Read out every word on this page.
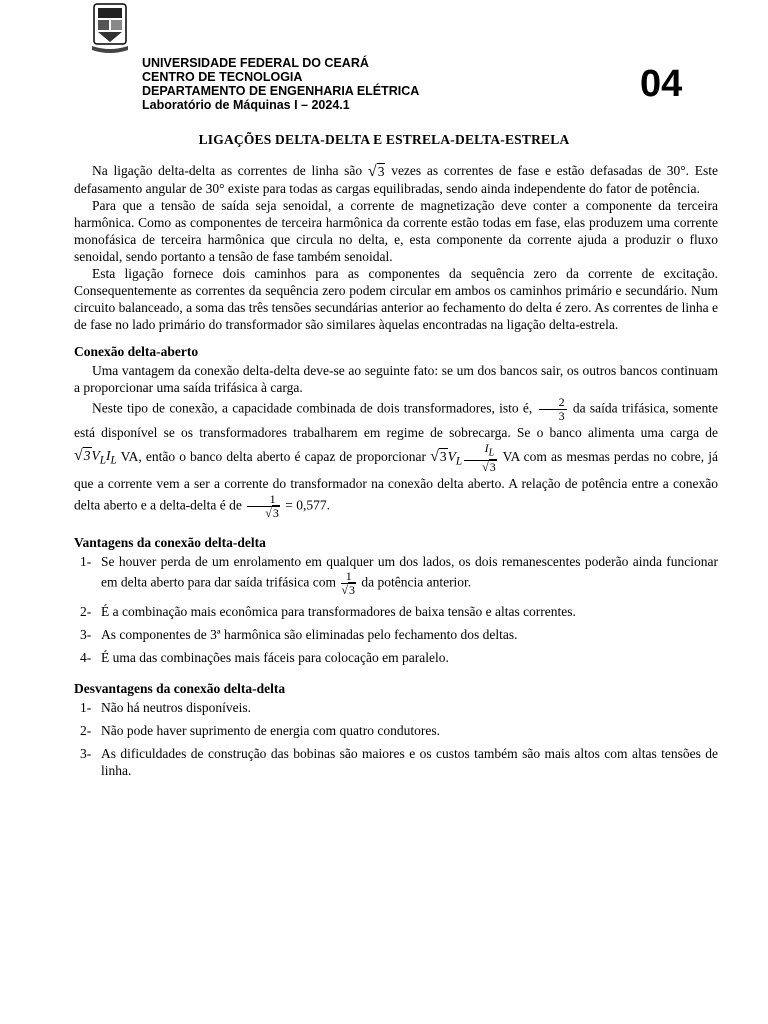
UNIVERSIDADE FEDERAL DO CEARÁ
CENTRO DE TECNOLOGIA
DEPARTAMENTO DE ENGENHARIA ELÉTRICA
Laboratório de Máquinas I – 2024.1	04
LIGAÇÕES DELTA-DELTA E ESTRELA-DELTA-ESTRELA

Na ligação delta-delta as correntes de linha são √3 vezes as correntes de fase e estão defasadas de 30°. Este defasamento angular de 30° existe para todas as cargas equilibradas, sendo ainda independente do fator de potência.

Para que a tensão de saída seja senoidal, a corrente de magnetização deve conter a componente da terceira harmônica. Como as componentes de terceira harmônica da corrente estão todas em fase, elas produzem uma corrente monofásica de terceira harmônica que circula no delta, e, esta componente da corrente ajuda a produzir o fluxo senoidal, sendo portanto a tensão de fase também senoidal.

Esta ligação fornece dois caminhos para as componentes da sequência zero da corrente de excitação. Consequentemente as correntes da sequência zero podem circular em ambos os caminhos primário e secundário. Num circuito balanceado, a soma das três tensões secundárias anterior ao fechamento do delta é zero. As correntes de linha e de fase no lado primário do transformador são similares àquelas encontradas na ligação delta-estrela.

Conexão delta-aberto

Uma vantagem da conexão delta-delta deve-se ao seguinte fato: se um dos bancos sair, os outros bancos continuam a proporcionar uma saída trifásica à carga.

Neste tipo de conexão, a capacidade combinada de dois transformadores, isto é, $\frac{2}{3}$ da saída trifásica, somente está disponível se os transformadores trabalharem em regime de sobrecarga. Se o banco alimenta uma carga de $√3V_LI_L$ VA, então o banco delta aberto é capaz de proporcionar $√3V_L \frac{I_L}{√3}$ VA com as mesmas perdas no cobre, já que a corrente vem a ser a corrente do transformador na conexão delta aberto. A relação de potência entre a conexão delta aberto e a delta-delta é de $\frac{1}{√3} = 0,577$.

Vantagens da conexão delta-delta
1- Se houver perda de um enrolamento em qualquer um dos lados, os dois remanescentes poderão ainda funcionar em delta aberto para dar saída trifásica com $\frac{1}{√3}$ da potência anterior.
2- É a combinação mais econômica para transformadores de baixa tensão e altas correntes.
3- As componentes de 3ª harmônica são eliminadas pelo fechamento dos deltas.
4- É uma das combinações mais fáceis para colocação em paralelo.
Desvantagens da conexão delta-delta
1- Não há neutros disponíveis.
2- Não pode haver suprimento de energia com quatro condutores.
3- As dificuldades de construção das bobinas são maiores e os custos também são mais altos com altas tensões de linha.
